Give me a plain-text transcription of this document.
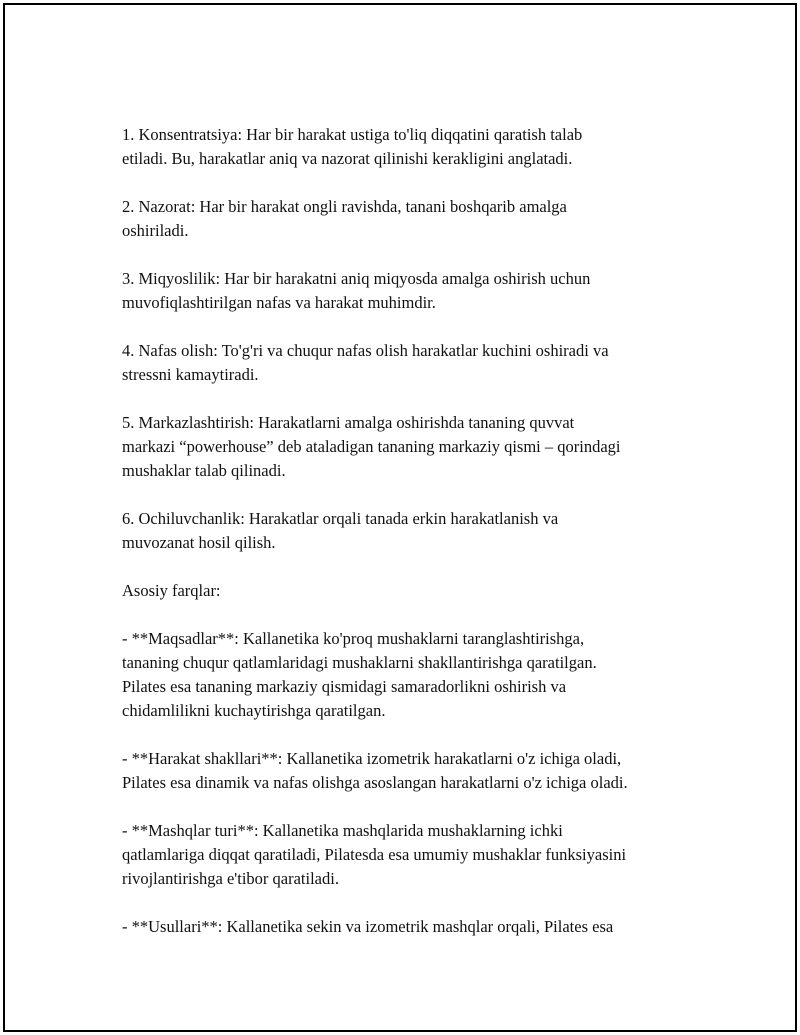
1. Konsentratsiya: Har bir harakat ustiga to'liq diqqatini qaratish talab
etiladi. Bu, harakatlar aniq va nazorat qilinishi kerakligini anglatadi.

2. Nazorat: Har bir harakat ongli ravishda, tanani boshqarib amalga
oshiriladi.

3. Miqyoslilik: Har bir harakatni aniq miqyosda amalga oshirish uchun
muvofiqlashtirilgan nafas va harakat muhimdir.

4. Nafas olish: To'g'ri va chuqur nafas olish harakatlar kuchini oshiradi va
stressni kamaytiradi.

5. Markazlashtirish: Harakatlarni amalga oshirishda tananing quvvat
markazi “powerhouse” deb ataladigan tananing markaziy qismi – qorindagi
mushaklar talab qilinadi.

6. Ochiluvchanlik: Harakatlar orqali tanada erkin harakatlanish va
muvozanat hosil qilish.

Asosiy farqlar:

- **Maqsadlar**: Kallanetika ko'proq mushaklarni taranglashtirishga,
tananing chuqur qatlamlaridagi mushaklarni shakllantirishga qaratilgan.
Pilates esa tananing markaziy qismidagi samaradorlikni oshirish va
chidamlilikni kuchaytirishga qaratilgan.

- **Harakat shakllari**: Kallanetika izometrik harakatlarni o'z ichiga oladi,
Pilates esa dinamik va nafas olishga asoslangan harakatlarni o'z ichiga oladi.

- **Mashqlar turi**: Kallanetika mashqlarida mushaklarning ichki
qatlamlariga diqqat qaratiladi, Pilatesda esa umumiy mushaklar funksiyasini
rivojlantirishga e'tibor qaratiladi.

- **Usullari**: Kallanetika sekin va izometrik mashqlar orqali, Pilates esa
